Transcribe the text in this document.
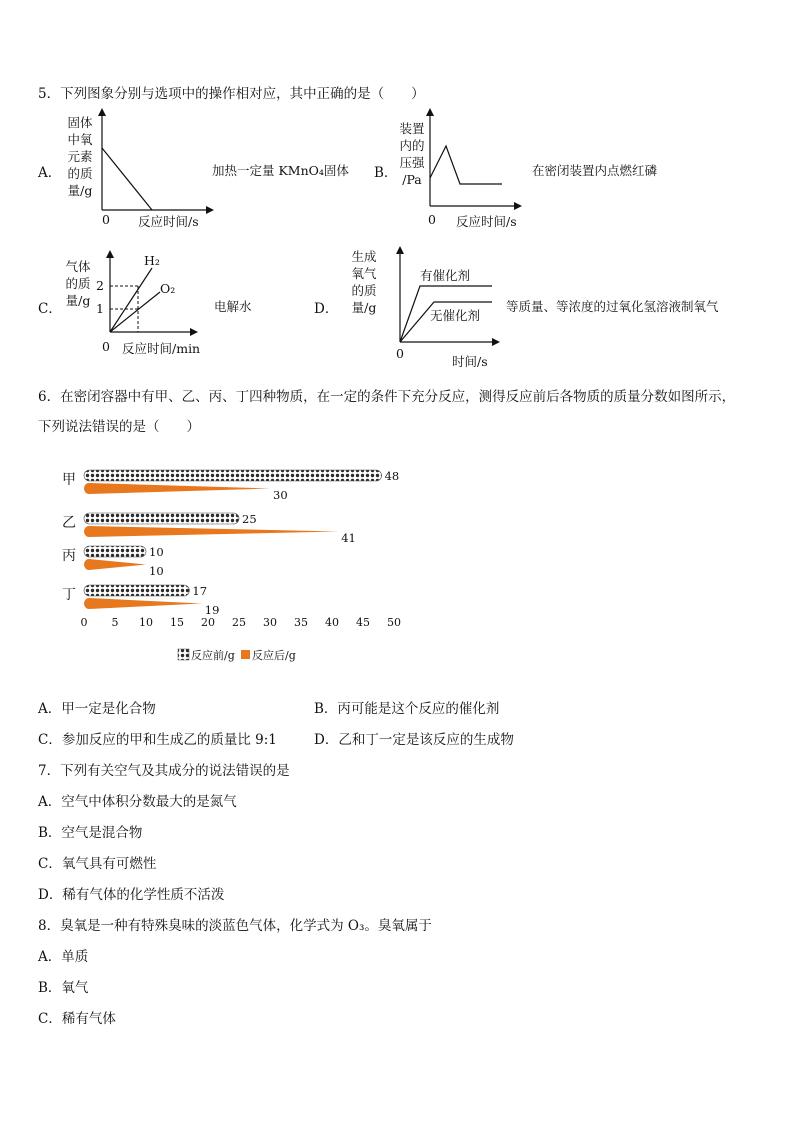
5．下列图象分别与选项中的操作相对应，其中正确的是（　　）
A．
固体
中氧
元素
的质
量/g
0 反应时间/s
加热一定量 KMnO₄固体 B．
装置
内的
压强
/Pa
0 反应时间/s
在密闭装置内点燃红磷
C．
气体
的质
量/g
2
1
H₂
O₂
0 反应时间/min
电解水	D．
生成
氧气
的质
量/g
有催化剂
无催化剂
0
时间/s
等质量、等浓度的过氧化氢溶液制氧气
6．在密闭容器中有甲、乙、丙、丁四种物质，在一定的条件下充分反应，测得反应前后各物质的质量分数如图所示，
下列说法错误的是（　　）
甲	48
30
乙	25
41
丙	10
10
丁	17
19
0 5 10 15 20 25 30 35 40 45 50
反应前/g 反应后/g
A．甲一定是化合物	B．丙可能是这个反应的催化剂
C．参加反应的甲和生成乙的质量比 9:1	D．乙和丁一定是该反应的生成物
7．下列有关空气及其成分的说法错误的是
A．空气中体积分数最大的是氮气
B．空气是混合物
C．氧气具有可燃性
D．稀有气体的化学性质不活泼
8．臭氧是一种有特殊臭味的淡蓝色气体，化学式为 O₃。臭氧属于
A．单质
B．氧气
C．稀有气体
